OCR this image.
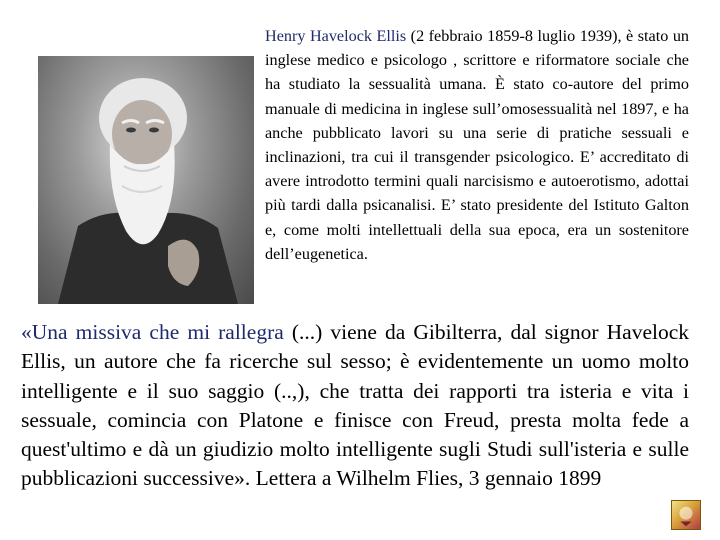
Henry Havelock Ellis (2 febbraio 1859-8 luglio 1939), è stato un inglese medico e psicologo , scrittore e riformatore sociale che ha studiato la sessualità umana. È stato co-autore del primo manuale di medicina in inglese sull’omosessualità nel 1897, e ha anche pubblicato lavori su una serie di pratiche sessuali e inclinazioni, tra cui il transgender psicologico. E’ accreditato di avere introdotto termini quali narcisismo e autoerotismo, adottai più tardi dalla psicanalisi. E’ stato presidente del Istituto Galton e, come molti intellettuali della sua epoca, era un sostenitore dell’eugenetica.
«Una missiva che mi rallegra (...) viene da Gibilterra, dal signor Havelock Ellis, un autore che fa ricerche sul sesso; è evidentemente un uomo molto intelligente e il suo saggio (..,), che tratta dei rapporti tra isteria e vita i sessuale, comincia con Platone e finisce con Freud, presta molta fede a quest'ultimo e dà un giudizio molto intelligente sugli Studi sull'isteria e sulle pubblicazioni successive». Lettera a Wilhelm Flies, 3 gennaio 1899
